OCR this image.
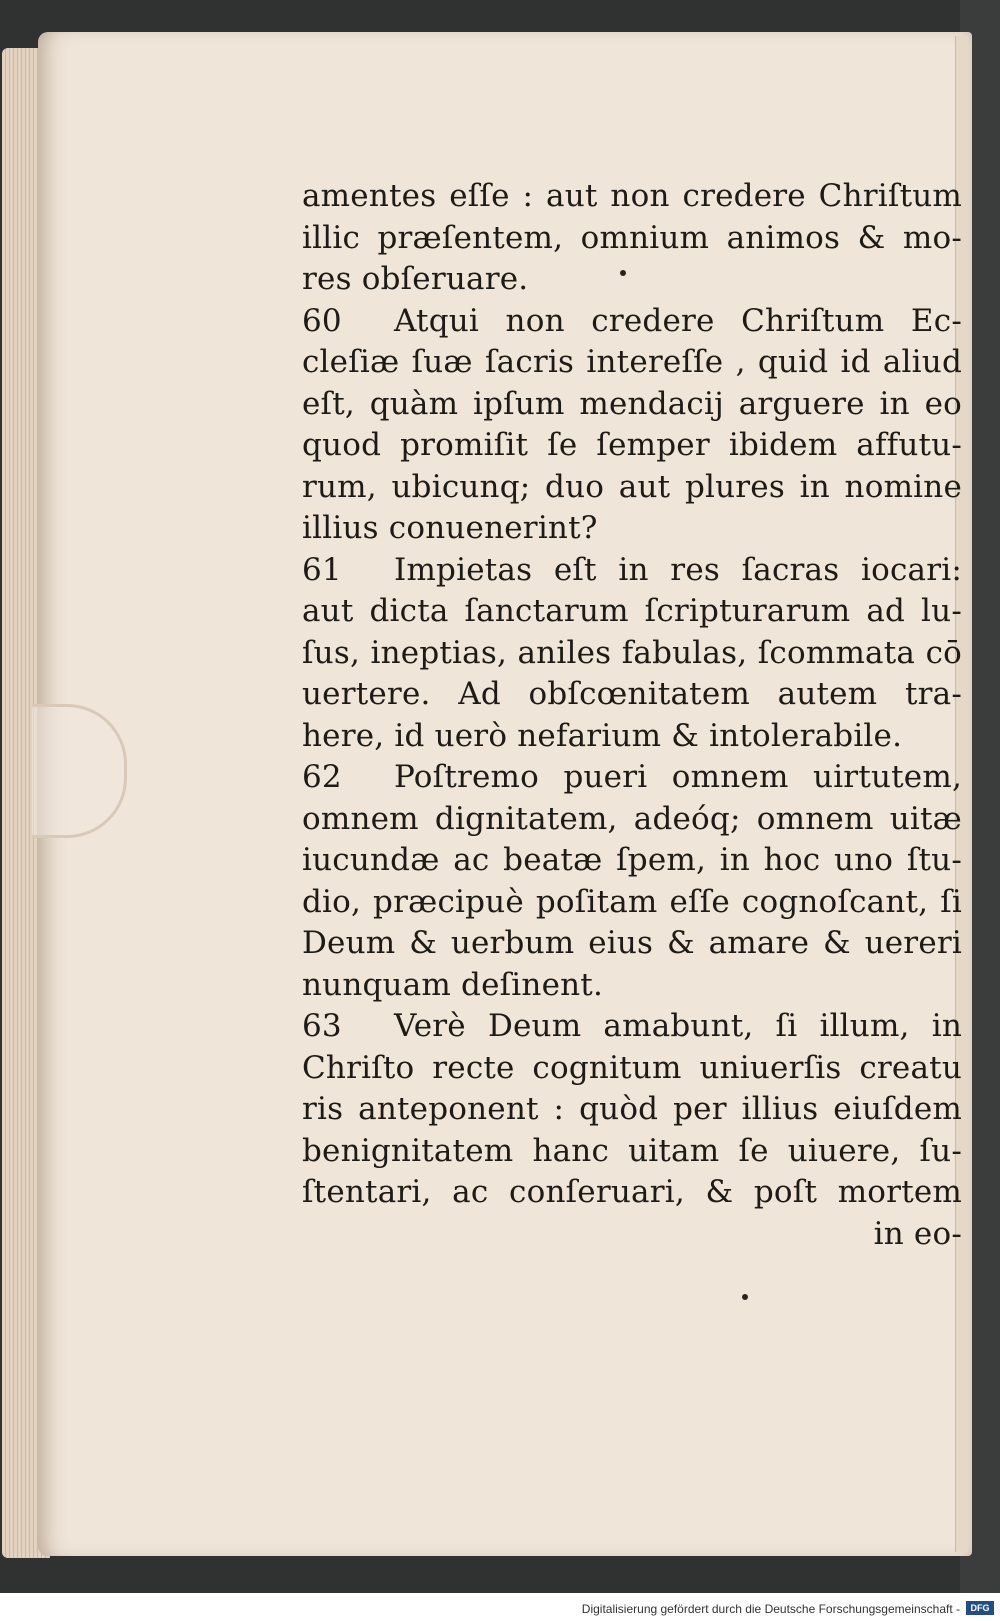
amentes eſſe : aut non credere Chriſtum
illic præſentem, omnium animos & mo-
res obſeruare.
60 Atqui non credere Chriſtum Ec-
cleſiæ ſuæ ſacris intereſſe , quid id aliud
eſt, quàm ipſum mendacij arguere in eo
quod promiſit ſe ſemper ibidem affutu-
rum, ubicunq; duo aut plures in nomine
illius conuenerint?
61 Impietas eſt in res ſacras iocari:
aut dicta ſanctarum ſcripturarum ad lu-
ſus, ineptias, aniles fabulas, ſcommata cō
uertere. Ad obſcœnitatem autem tra-
here, id uerò nefarium & intolerabile.
62 Poſtremo pueri omnem uirtutem,
omnem dignitatem, adeóq; omnem uitæ
iucundæ ac beatæ ſpem, in hoc uno ſtu-
dio, præcipuè poſitam eſſe cognoſcant, ſi
Deum & uerbum eius & amare & uereri
nunquam deſinent.
63 Verè Deum amabunt, ſi illum, in
Chriſto recte cognitum uniuerſis creatu
ris anteponent : quòd per illius eiuſdem
benignitatem hanc uitam ſe uiuere, ſu-
ſtentari, ac conſeruari, & poſt mortem
in eo-
Digitalisierung gefördert durch die Deutsche Forschungsgemeinschaft -	DFG
